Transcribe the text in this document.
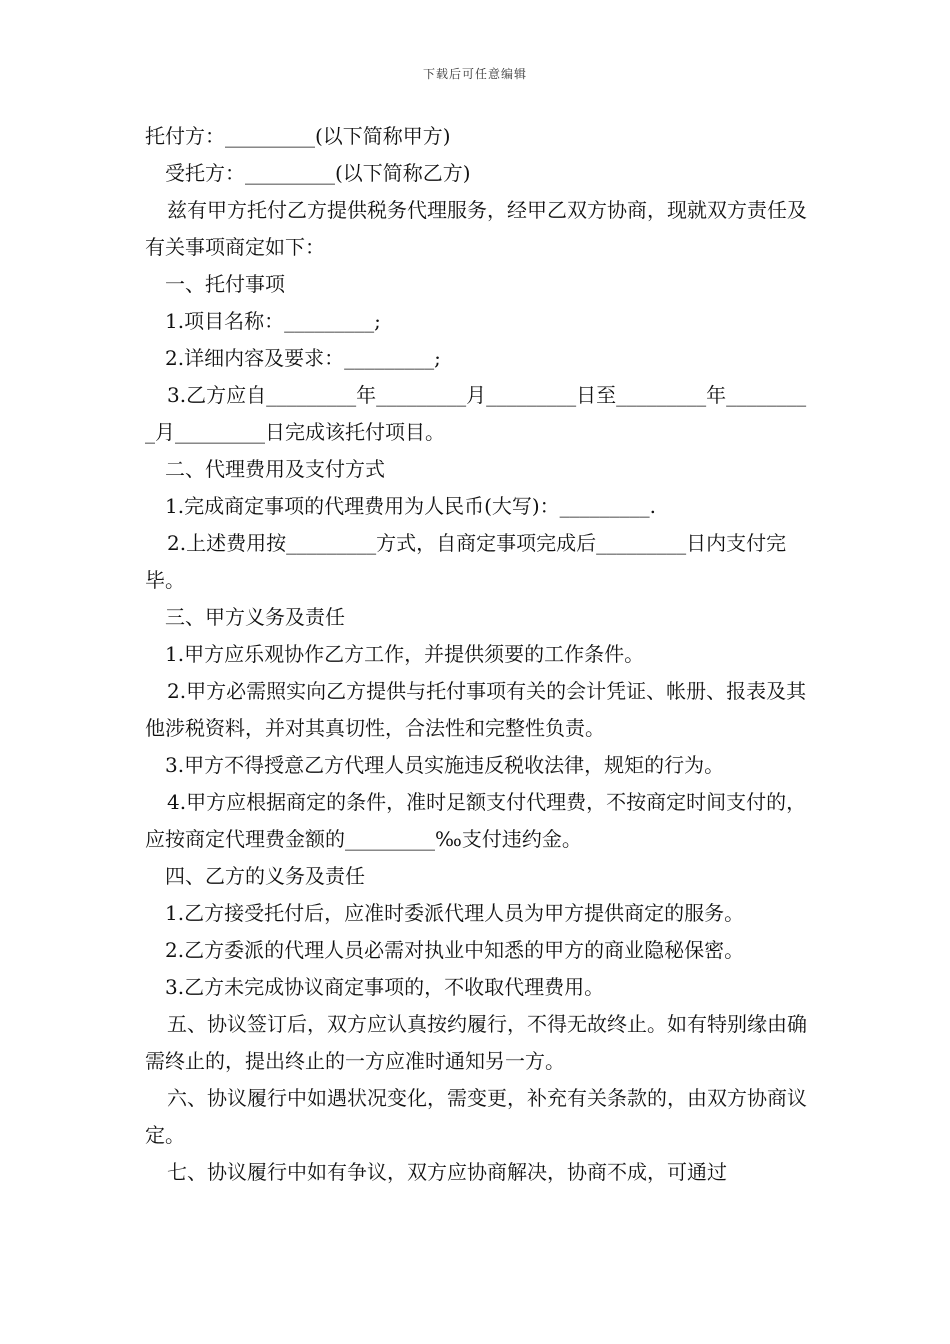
下载后可任意编辑

托付方：_________(以下简称甲方)

受托方：_________(以下简称乙方)

兹有甲方托付乙方提供税务代理服务，经甲乙双方协商，现就双方责任及有关事项商定如下：

一、托付事项

1.项目名称：_________;

2.详细内容及要求：_________;

3.乙方应自_________年_________月_________日至_________年_________月_________日完成该托付项目。

二、代理费用及支付方式

1.完成商定事项的代理费用为人民币(大写)：_________.

2.上述费用按_________方式，自商定事项完成后_________日内支付完毕。

三、甲方义务及责任

1.甲方应乐观协作乙方工作，并提供须要的工作条件。

2.甲方必需照实向乙方提供与托付事项有关的会计凭证、帐册、报表及其他涉税资料，并对其真切性，合法性和完整性负责。

3.甲方不得授意乙方代理人员实施违反税收法律，规矩的行为。

4.甲方应根据商定的条件，准时足额支付代理费，不按商定时间支付的，应按商定代理费金额的_________‰支付违约金。

四、乙方的义务及责任

1.乙方接受托付后，应准时委派代理人员为甲方提供商定的服务。

2.乙方委派的代理人员必需对执业中知悉的甲方的商业隐秘保密。

3.乙方未完成协议商定事项的，不收取代理费用。

五、协议签订后，双方应认真按约履行，不得无故终止。如有特别缘由确需终止的，提出终止的一方应准时通知另一方。

六、协议履行中如遇状况变化，需变更，补充有关条款的，由双方协商议定。

七、协议履行中如有争议，双方应协商解决，协商不成，可通过
